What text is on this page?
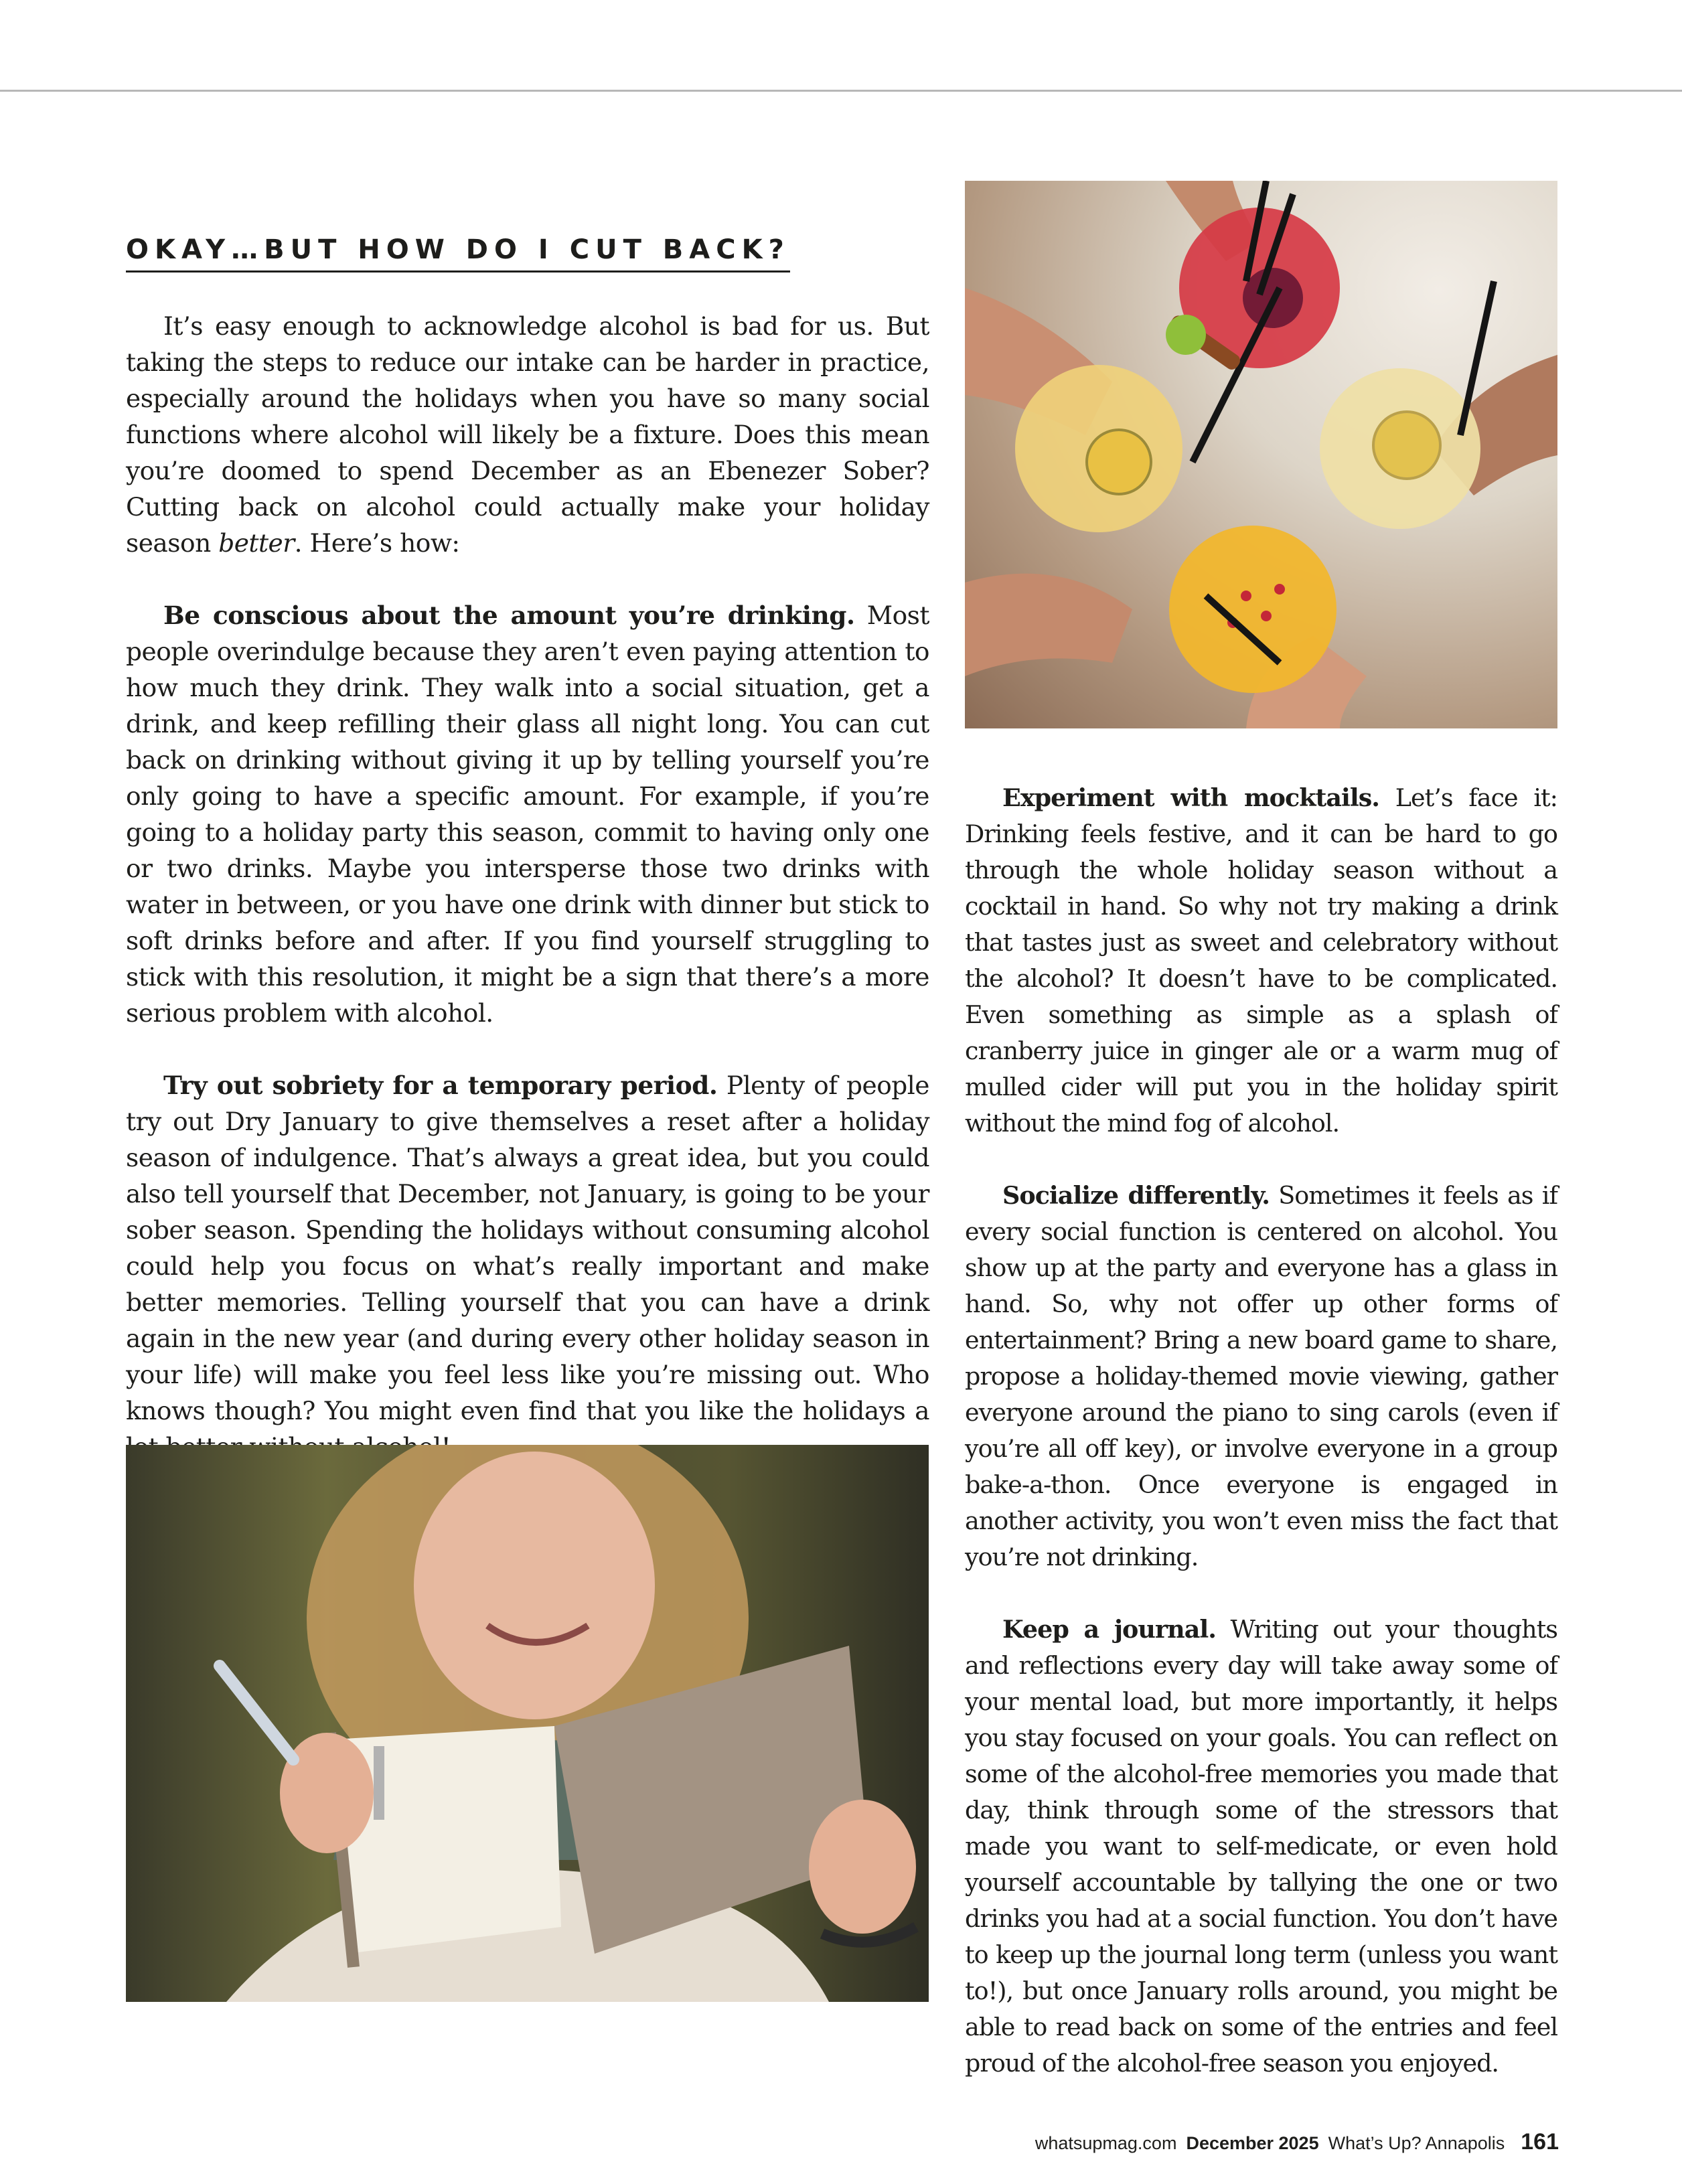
OKAY…BUT HOW DO I CUT BACK?

It’s easy enough to acknowledge alcohol is bad for us. But taking the steps to reduce our intake can be harder in practice, especially around the holidays when you have so many social functions where alcohol will likely be a fixture. Does this mean you’re doomed to spend December as an Ebenezer Sober? Cutting back on alcohol could actually make your holiday season better. Here’s how:

Be conscious about the amount you’re drinking. Most people overindulge because they aren’t even paying attention to how much they drink. They walk into a social situation, get a drink, and keep refilling their glass all night long. You can cut back on drinking without giving it up by telling yourself you’re only going to have a specific amount. For example, if you’re going to a holiday party this season, commit to having only one or two drinks. Maybe you intersperse those two drinks with water in between, or you have one drink with dinner but stick to soft drinks before and after. If you find yourself struggling to stick with this resolution, it might be a sign that there’s a more serious problem with alcohol.

Try out sobriety for a temporary period. Plenty of people try out Dry January to give themselves a reset after a holiday season of indulgence. That’s always a great idea, but you could also tell yourself that December, not January, is going to be your sober season. Spending the holidays without consuming alcohol could help you focus on what’s really important and make better memories. Telling yourself that you can have a drink again in the new year (and during every other holiday season in your life) will make you feel less like you’re missing out. Who knows though? You might even find that you like the holidays a

Experiment with mocktails. Let’s face it: Drinking feels festive, and it can be hard to go through the whole holiday season without a cocktail in hand. So why not try making a drink that tastes just as sweet and celebratory without the alcohol? It doesn’t have to be complicated. Even something as simple as a splash of cranberry juice in ginger ale or a warm mug of mulled cider will put you in the holiday spirit without the mind fog of alcohol.

Socialize differently. Sometimes it feels as if every social function is centered on alcohol. You show up at the party and everyone has a glass in hand. So, why not offer up other forms of entertainment? Bring a new board game to share, propose a holiday-themed movie viewing, gather everyone around the piano to sing carols (even if you’re all off key), or involve everyone in a group bake-a-thon. Once everyone is engaged in another activity, you won’t even miss the fact that you’re not drinking.

Keep a journal. Writing out your thoughts and reflections every day will take away some of your mental load, but more importantly, it helps you stay focused on your goals. You can reflect on some of the alcohol-free memories you made that day, think through some of the stressors that made you want to self-medicate, or even hold yourself accountable by tallying the one or two drinks you had at a social function. You don’t have to keep up the journal long term (unless you want to!), but once January rolls around, you might be able to read back on some of the entries and feel proud of the alcohol-free season you enjoyed.

whatsupmag.com December 2025 What’s Up? Annapolis 161
